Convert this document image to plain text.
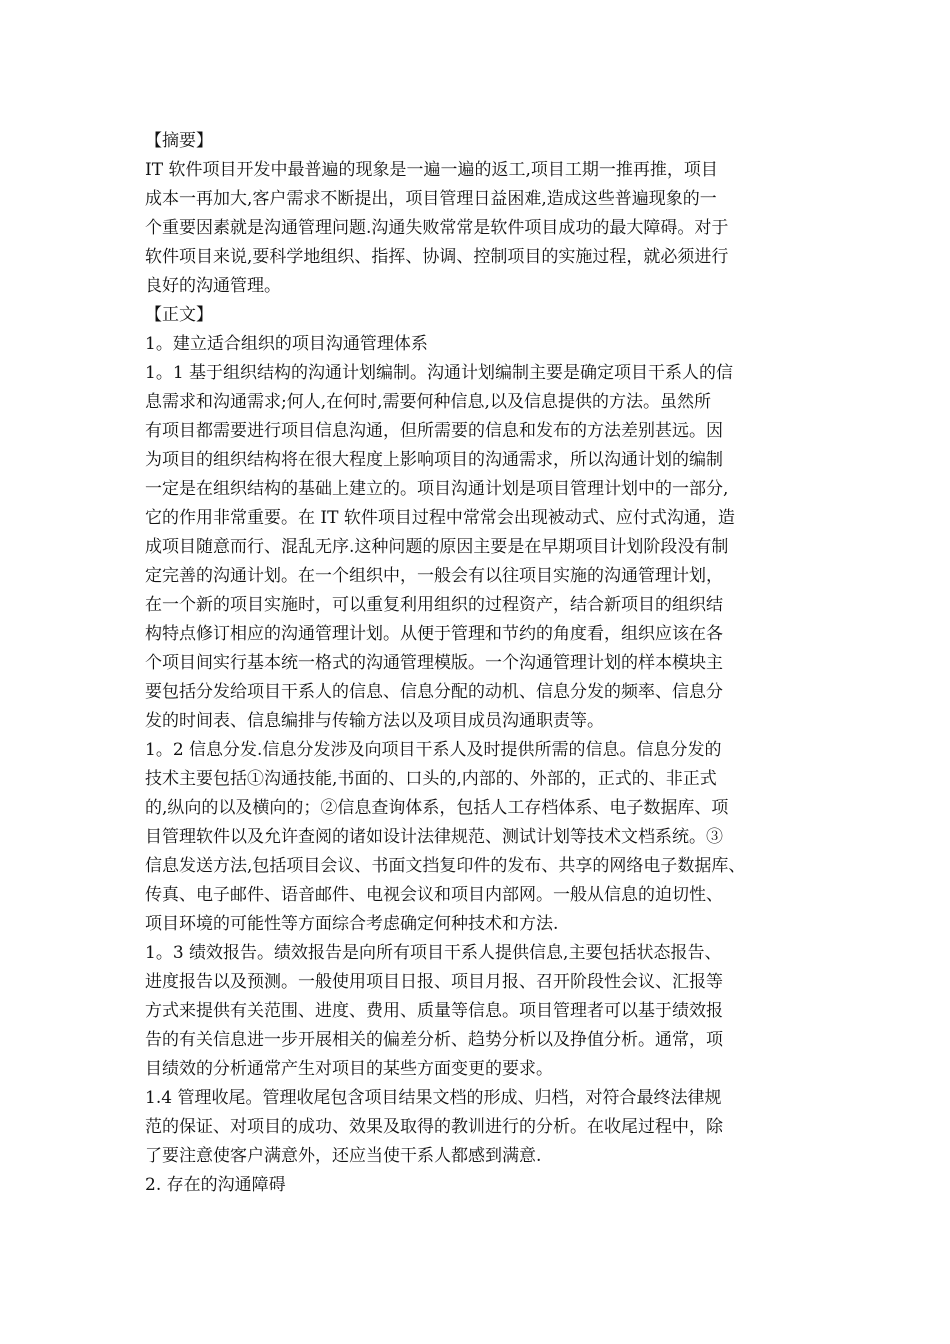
【摘要】
IT 软件项目开发中最普遍的现象是一遍一遍的返工,项目工期一推再推，项目
成本一再加大,客户需求不断提出，项目管理日益困难,造成这些普遍现象的一
个重要因素就是沟通管理问题.沟通失败常常是软件项目成功的最大障碍。对于
软件项目来说,要科学地组织、指挥、协调、控制项目的实施过程，就必须进行
良好的沟通管理。
【正文】
1。建立适合组织的项目沟通管理体系
1。1 基于组织结构的沟通计划编制。沟通计划编制主要是确定项目干系人的信
息需求和沟通需求;何人,在何时,需要何种信息,以及信息提供的方法。虽然所
有项目都需要进行项目信息沟通，但所需要的信息和发布的方法差别甚远。因
为项目的组织结构将在很大程度上影响项目的沟通需求，所以沟通计划的编制
一定是在组织结构的基础上建立的。项目沟通计划是项目管理计划中的一部分,
它的作用非常重要。在 IT 软件项目过程中常常会出现被动式、应付式沟通，造
成项目随意而行、混乱无序.这种问题的原因主要是在早期项目计划阶段没有制
定完善的沟通计划。在一个组织中，一般会有以往项目实施的沟通管理计划，
在一个新的项目实施时，可以重复利用组织的过程资产，结合新项目的组织结
构特点修订相应的沟通管理计划。从便于管理和节约的角度看，组织应该在各
个项目间实行基本统一格式的沟通管理模版。一个沟通管理计划的样本模块主
要包括分发给项目干系人的信息、信息分配的动机、信息分发的频率、信息分
发的时间表、信息编排与传输方法以及项目成员沟通职责等。
1。2 信息分发.信息分发涉及向项目干系人及时提供所需的信息。信息分发的
技术主要包括①沟通技能,书面的、口头的,内部的、外部的，正式的、非正式
的,纵向的以及横向的；②信息查询体系，包括人工存档体系、电子数据库、项
目管理软件以及允许查阅的诸如设计法律规范、测试计划等技术文档系统。③
信息发送方法,包括项目会议、书面文挡复印件的发布、共享的网络电子数据库、
传真、电子邮件、语音邮件、电视会议和项目内部网。一般从信息的迫切性、
项目环境的可能性等方面综合考虑确定何种技术和方法.
1。3 绩效报告。绩效报告是向所有项目干系人提供信息,主要包括状态报告、
进度报告以及预测。一般使用项目日报、项目月报、召开阶段性会议、汇报等
方式来提供有关范围、进度、费用、质量等信息。项目管理者可以基于绩效报
告的有关信息进一步开展相关的偏差分析、趋势分析以及挣值分析。通常，项
目绩效的分析通常产生对项目的某些方面变更的要求。
1.4 管理收尾。管理收尾包含项目结果文档的形成、归档，对符合最终法律规
范的保证、对项目的成功、效果及取得的教训进行的分析。在收尾过程中，除
了要注意使客户满意外，还应当使干系人都感到满意.
2. 存在的沟通障碍
